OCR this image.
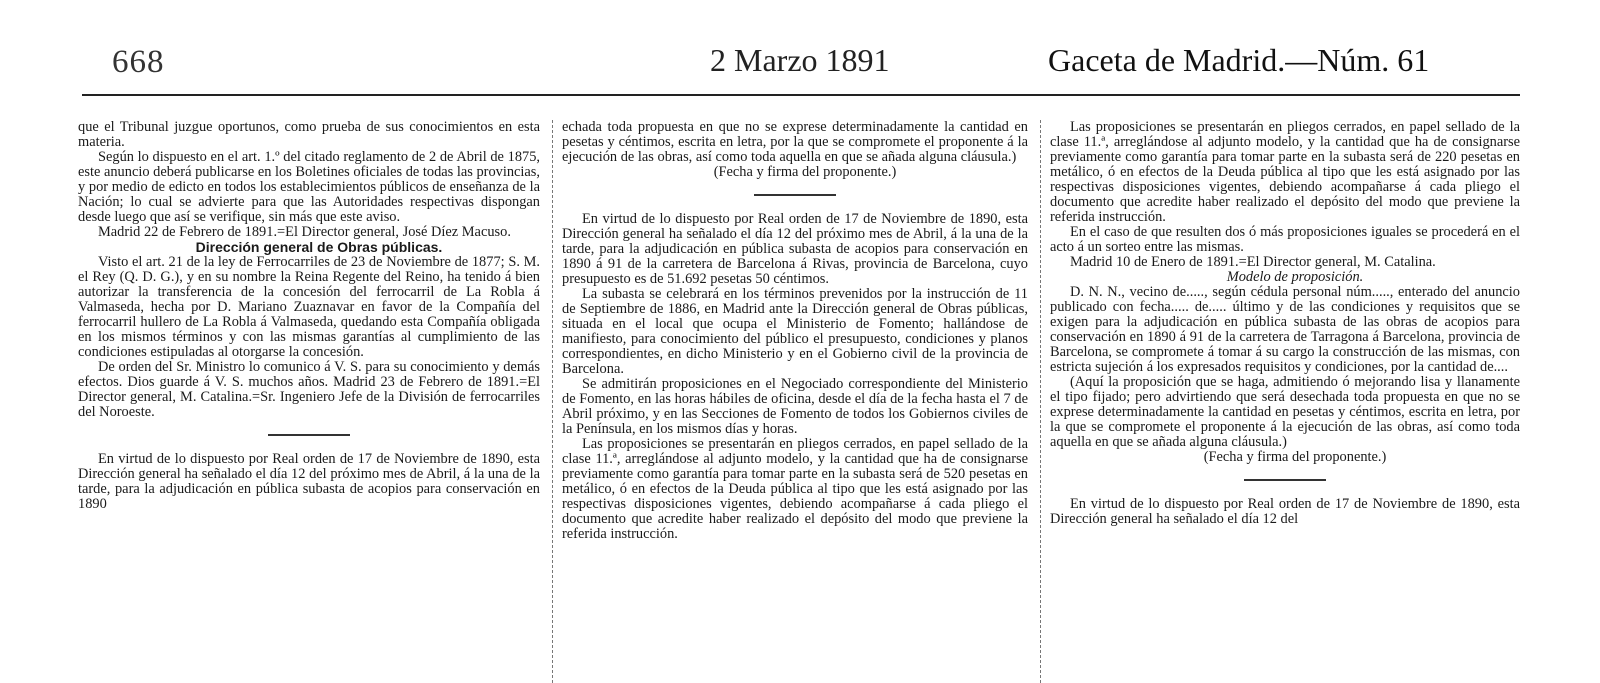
668	2 Marzo 1891	Gaceta de Madrid.—Núm. 61

que el Tribunal juzgue oportunos, como prueba de sus conocimientos en esta materia.

Según lo dispuesto en el art. 1.º del citado reglamento de 2 de Abril de 1875, este anuncio deberá publicarse en los Boletines oficiales de todas las provincias, y por medio de edicto en todos los establecimientos públicos de enseñanza de la Nación; lo cual se advierte para que las Autoridades respectivas dispongan desde luego que así se verifique, sin más que este aviso.

Madrid 22 de Febrero de 1891.=El Director general, José Díez Macuso.

Dirección general de Obras públicas.

Visto el art. 21 de la ley de Ferrocarriles de 23 de Noviembre de 1877; S. M. el Rey (Q. D. G.), y en su nombre la Reina Regente del Reino, ha tenido á bien autorizar la transferencia de la concesión del ferrocarril de La Robla á Valmaseda, hecha por D. Mariano Zuaznavar en favor de la Compañía del ferrocarril hullero de La Robla á Valmaseda, quedando esta Compañía obligada en los mismos términos y con las mismas garantías al cumplimiento de las condiciones estipuladas al otorgarse la concesión.

De orden del Sr. Ministro lo comunico á V. S. para su conocimiento y demás efectos. Dios guarde á V. S. muchos años. Madrid 23 de Febrero de 1891.=El Director general, M. Catalina.=Sr. Ingeniero Jefe de la División de ferrocarriles del Noroeste.

En virtud de lo dispuesto por Real orden de 17 de Noviembre de 1890, esta Dirección general ha señalado el día 12 del próximo mes de Abril, á la una de la tarde, para la adjudicación en pública subasta de acopios para conservación en 1890

echada toda propuesta en que no se exprese determinadamente la cantidad en pesetas y céntimos, escrita en letra, por la que se compromete el proponente á la ejecución de las obras, así como toda aquella en que se añada alguna cláusula.)

(Fecha y firma del proponente.)

En virtud de lo dispuesto por Real orden de 17 de Noviembre de 1890, esta Dirección general ha señalado el día 12 del próximo mes de Abril, á la una de la tarde, para la adjudicación en pública subasta de acopios para conservación en 1890 á 91 de la carretera de Barcelona á Rivas, provincia de Barcelona, cuyo presupuesto es de 51.692 pesetas 50 céntimos.

La subasta se celebrará en los términos prevenidos por la instrucción de 11 de Septiembre de 1886, en Madrid ante la Dirección general de Obras públicas, situada en el local que ocupa el Ministerio de Fomento; hallándose de manifiesto, para conocimiento del público el presupuesto, condiciones y planos correspondientes, en dicho Ministerio y en el Gobierno civil de la provincia de Barcelona.

Se admitirán proposiciones en el Negociado correspondiente del Ministerio de Fomento, en las horas hábiles de oficina, desde el día de la fecha hasta el 7 de Abril próximo, y en las Secciones de Fomento de todos los Gobiernos civiles de la Península, en los mismos días y horas.

Las proposiciones se presentarán en pliegos cerrados, en papel sellado de la clase 11.ª, arreglándose al adjunto modelo, y la cantidad que ha de consignarse previamente como garantía para tomar parte en la subasta será de 520 pesetas en metálico, ó en efectos de la Deuda pública al tipo que les está asignado por las respectivas disposiciones vigentes, debiendo acompañarse á cada pliego el documento que acredite haber realizado el depósito del modo que previene la referida instrucción.

Las proposiciones se presentarán en pliegos cerrados, en papel sellado de la clase 11.ª, arreglándose al adjunto modelo, y la cantidad que ha de consignarse previamente como garantía para tomar parte en la subasta será de 220 pesetas en metálico, ó en efectos de la Deuda pública al tipo que les está asignado por las respectivas disposiciones vigentes, debiendo acompañarse á cada pliego el documento que acredite haber realizado el depósito del modo que previene la referida instrucción.

En el caso de que resulten dos ó más proposiciones iguales se procederá en el acto á un sorteo entre las mismas.

Madrid 10 de Enero de 1891.=El Director general, M. Catalina.

Modelo de proposición.

D. N. N., vecino de....., según cédula personal núm....., enterado del anuncio publicado con fecha..... de..... último y de las condiciones y requisitos que se exigen para la adjudicación en pública subasta de las obras de acopios para conservación en 1890 á 91 de la carretera de Tarragona á Barcelona, provincia de Barcelona, se compromete á tomar á su cargo la construcción de las mismas, con estricta sujeción á los expresados requisitos y condiciones, por la cantidad de....

(Aquí la proposición que se haga, admitiendo ó mejorando lisa y llanamente el tipo fijado; pero advirtiendo que será desechada toda propuesta en que no se exprese determinadamente la cantidad en pesetas y céntimos, escrita en letra, por la que se compromete el proponente á la ejecución de las obras, así como toda aquella en que se añada alguna cláusula.)

(Fecha y firma del proponente.)

En virtud de lo dispuesto por Real orden de 17 de Noviembre de 1890, esta Dirección general ha señalado el día 12 del
